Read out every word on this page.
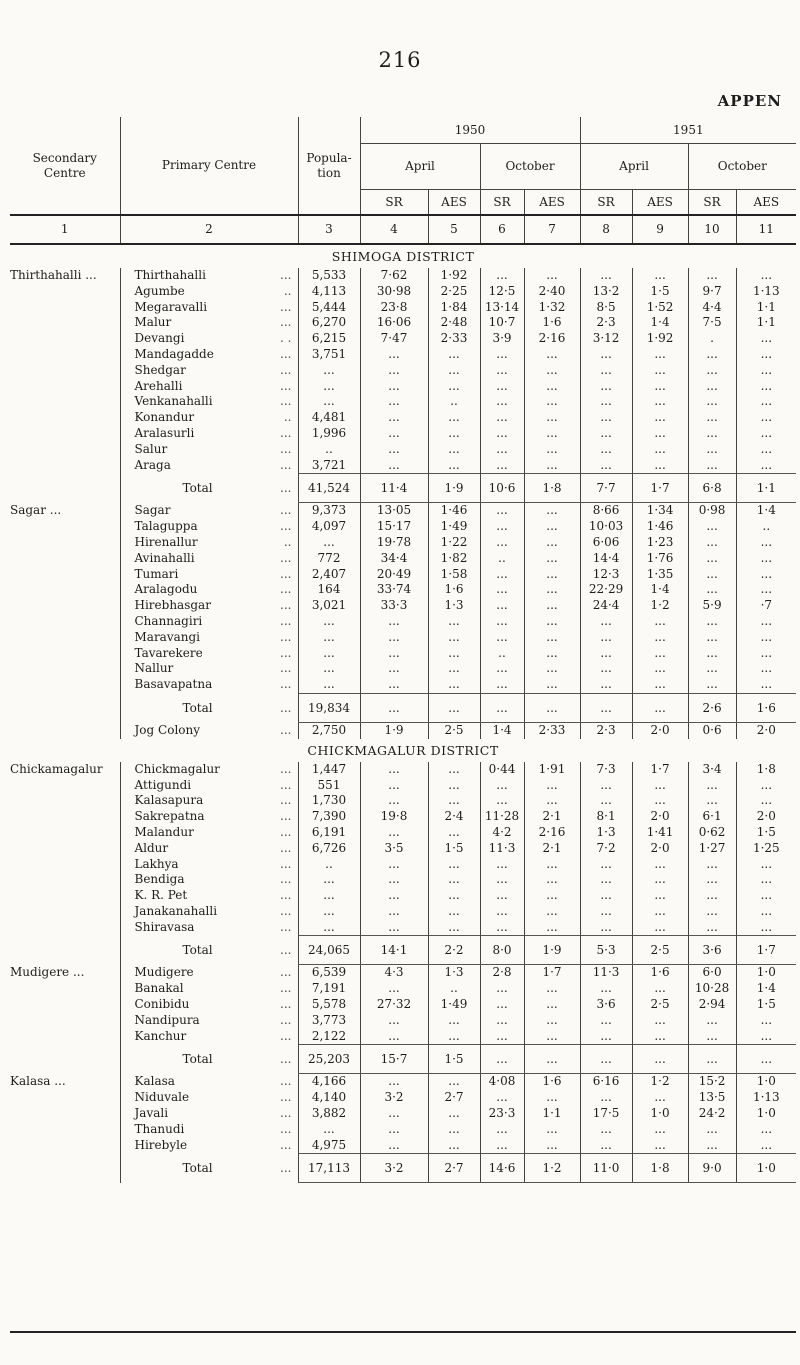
216
APPEN
Secondary Centre	Primary Centre		Popula- tion	1950				1951			
				April		October		April		October	
				SR	AES	SR	AES	SR	AES	SR	AES
1	2		3	4	5	6	7	8	9	10	11
SHIMOGA DISTRICT											
Thirthahalli ...	Thirthahalli	...	5,533	7·62	1·92	...	...	...	...	...	...
	Agumbe	..	4,113	30·98	2·25	12·5	2·40	13·2	1·5	9·7	1·13
	Megaravalli	...	5,444	23·8	1·84	13·14	1·32	8·5	1·52	4·4	1·1
	Malur	...	6,270	16·06	2·48	10·7	1·6	2·3	1·4	7·5	1·1
	Devangi	. .	6,215	7·47	2·33	3·9	2·16	3·12	1·92	.	...
	Mandagadde	...	3,751	...	...	...	...	...	...	...	...
	Shedgar	...	...	...	...	...	...	...	...	...	...
	Arehalli	...	...	...	...	...	...	...	...	...	...
	Venkanahalli	...	...	...	..	...	...	...	...	...	...
	Konandur	..	4,481	...	...	...	...	...	...	...	...
	Aralasurli	...	1,996	...	...	...	...	...	...	...	...
	Salur	...	..	...	...	...	...	...	...	...	...
	Araga	...	3,721	...	...	...	...	...	...	...	...
	Total	...	41,524	11·4	1·9	10·6	1·8	7·7	1·7	6·8	1·1
Sagar ...	Sagar	...	9,373	13·05	1·46	...	...	8·66	1·34	0·98	1·4
	Talaguppa	...	4,097	15·17	1·49	...	...	10·03	1·46	...	..
	Hirenallur	..	...	19·78	1·22	...	...	6·06	1·23	...	...
	Avinahalli	...	772	34·4	1·82	..	...	14·4	1·76	...	...
	Tumari	...	2,407	20·49	1·58	...	...	12·3	1·35	...	...
	Aralagodu	...	164	33·74	1·6	...	...	22·29	1·4	...	...
	Hirebhasgar	...	3,021	33·3	1·3	...	...	24·4	1·2	5·9	·7
	Channagiri	...	...	...	...	...	...	...	...	...	...
	Maravangi	...	...	...	...	...	...	...	...	...	...
	Tavarekere	...	...	...	...	..	...	...	...	...	...
	Nallur	...	...	...	...	...	...	...	...	...	...
	Basavapatna	...	...	...	...	...	...	...	...	...	...
	Total	...	19,834	...	...	...	...	...	...	2·6	1·6
	Jog Colony	...	2,750	1·9	2·5	1·4	2·33	2·3	2·0	0·6	2·0
CHICKMAGALUR DISTRICT											
Chickamagalur	Chickmagalur	...	1,447	...	...	0·44	1·91	7·3	1·7	3·4	1·8
	Attigundi	...	551	...	...	...	...	...	...	...	...
	Kalasapura	...	1,730	...	...	...	...	...	...	...	...
	Sakrepatna	...	7,390	19·8	2·4	11·28	2·1	8·1	2·0	6·1	2·0
	Malandur	...	6,191	...	...	4·2	2·16	1·3	1·41	0·62	1·5
	Aldur	...	6,726	3·5	1·5	11·3	2·1	7·2	2·0	1·27	1·25
	Lakhya	...	..	...	...	...	...	...	...	...	...
	Bendiga	...	...	...	...	...	...	...	...	...	...
	K. R. Pet	...	...	...	...	...	...	...	...	...	...
	Janakanahalli	...	...	...	...	...	...	...	...	...	...
	Shiravasa	...	...	...	...	...	...	...	...	...	...
	Total	...	24,065	14·1	2·2	8·0	1·9	5·3	2·5	3·6	1·7
Mudigere ...	Mudigere	...	6,539	4·3	1·3	2·8	1·7	11·3	1·6	6·0	1·0
	Banakal	...	7,191	...	..	...	...	...	...	10·28	1·4
	Conibidu	...	5,578	27·32	1·49	...	...	3·6	2·5	2·94	1·5
	Nandipura	...	3,773	...	...	...	...	...	...	...	...
	Kanchur	...	2,122	...	...	...	...	...	...	...	...
	Total	...	25,203	15·7	1·5	...	...	...	...	...	...
Kalasa ...	Kalasa	...	4,166	...	...	4·08	1·6	6·16	1·2	15·2	1·0
	Niduvale	...	4,140	3·2	2·7	...	...	...	...	13·5	1·13
	Javali	...	3,882	...	...	23·3	1·1	17·5	1·0	24·2	1·0
	Thanudi	...	...	...	...	...	...	...	...	...	...
	Hirebyle	...	4,975	...	...	...	...	...	...	...	...
	Total	...	17,113	3·2	2·7	14·6	1·2	11·0	1·8	9·0	1·0
